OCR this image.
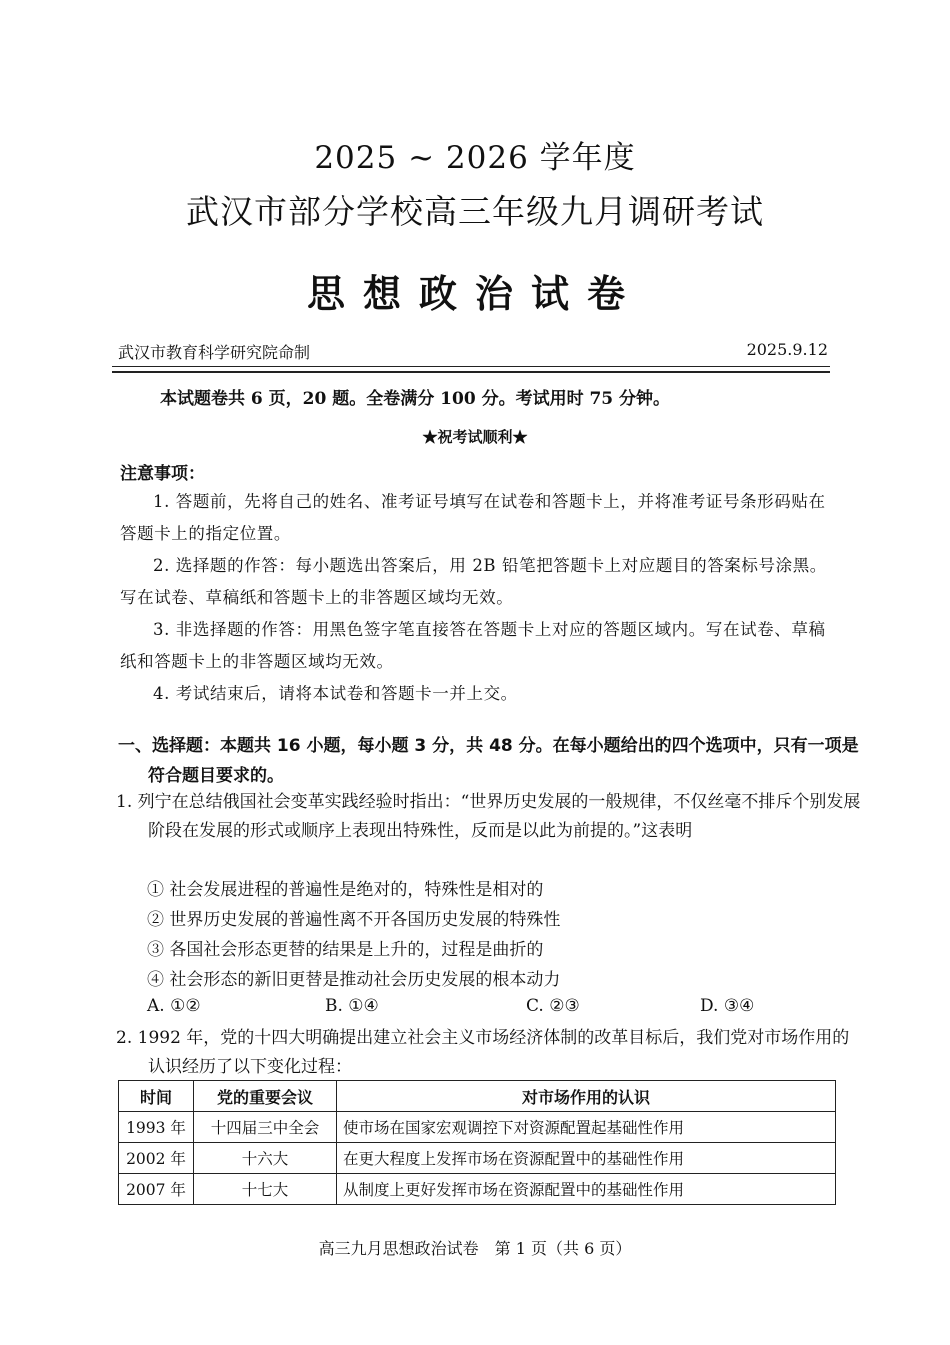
2025 ~ 2026 学年度
武汉市部分学校高三年级九月调研考试
思想政治试卷
武汉市教育科学研究院命制	2025.9.12
本试题卷共 6 页，20 题。全卷满分 100 分。考试用时 75 分钟。
★祝考试顺利★
注意事项：
1. 答题前，先将自己的姓名、准考证号填写在试卷和答题卡上，并将准考证号条形码贴在答题卡上的指定位置。
2. 选择题的作答：每小题选出答案后，用 2B 铅笔把答题卡上对应题目的答案标号涂黑。写在试卷、草稿纸和答题卡上的非答题区域均无效。
3. 非选择题的作答：用黑色签字笔直接答在答题卡上对应的答题区域内。写在试卷、草稿纸和答题卡上的非答题区域均无效。
4. 考试结束后，请将本试卷和答题卡一并上交。
一、选择题：本题共 16 小题，每小题 3 分，共 48 分。在每小题给出的四个选项中，只有一项是符合题目要求的。
1. 列宁在总结俄国社会变革实践经验时指出：“世界历史发展的一般规律，不仅丝毫不排斥个别发展阶段在发展的形式或顺序上表现出特殊性，反而是以此为前提的。”这表明
① 社会发展进程的普遍性是绝对的，特殊性是相对的
② 世界历史发展的普遍性离不开各国历史发展的特殊性
③ 各国社会形态更替的结果是上升的，过程是曲折的
④ 社会形态的新旧更替是推动社会历史发展的根本动力
A. ①②	B. ①④	C. ②③	D. ③④
2. 1992 年，党的十四大明确提出建立社会主义市场经济体制的改革目标后，我们党对市场作用的认识经历了以下变化过程：
时间	党的重要会议	对市场作用的认识
1993 年	十四届三中全会	使市场在国家宏观调控下对资源配置起基础性作用
2002 年	十六大	在更大程度上发挥市场在资源配置中的基础性作用
2007 年	十七大	从制度上更好发挥市场在资源配置中的基础性作用
高三九月思想政治试卷　第 1 页（共 6 页）
